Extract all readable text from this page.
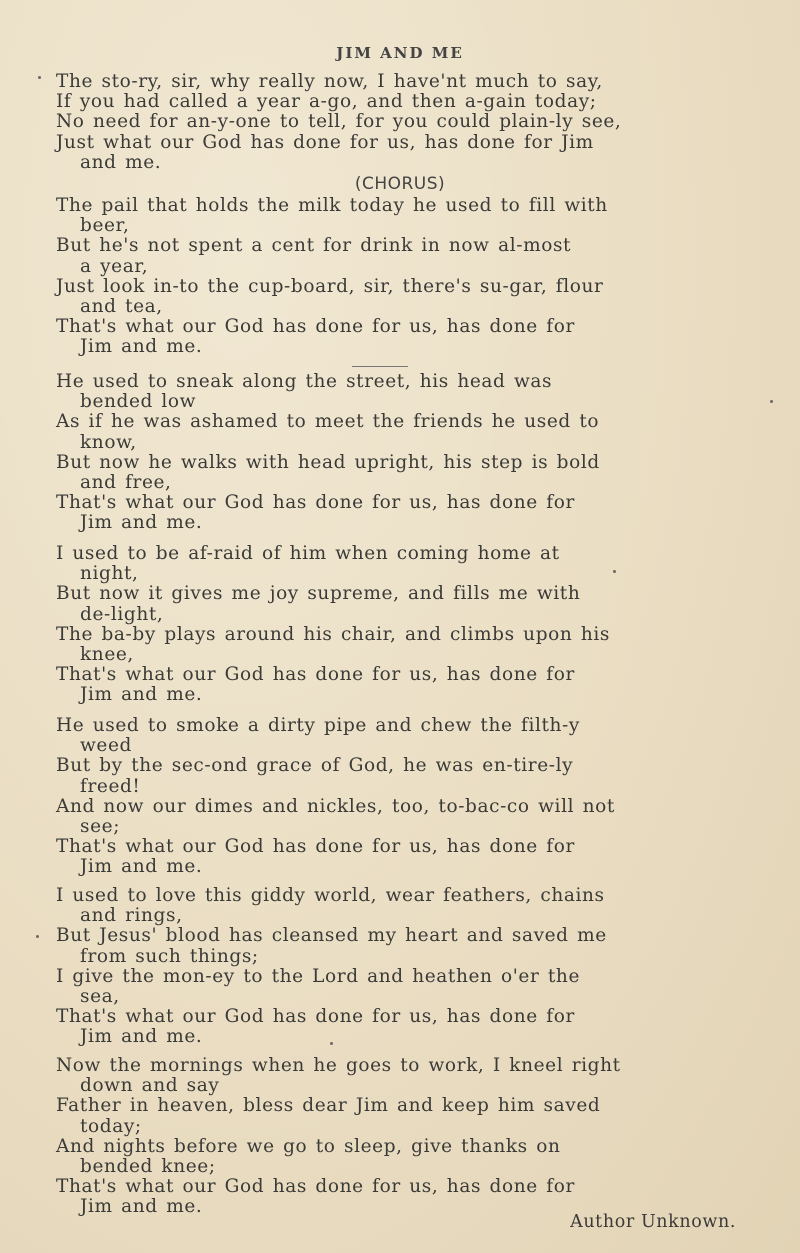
JIM AND ME
The sto-ry, sir, why really now, I have'nt much to say,
If you had called a year a-go, and then a-gain today;
No need for an-y-one to tell, for you could plain-ly see,
Just what our God has done for us, has done for Jim
and me.
(CHORUS)
The pail that holds the milk today he used to fill with
beer,
But he's not spent a cent for drink in now al-most
a year,
Just look in-to the cup-board, sir, there's su-gar, flour
and tea,
That's what our God has done for us, has done for
Jim and me.
He used to sneak along the street, his head was
bended low
As if he was ashamed to meet the friends he used to
know,
But now he walks with head upright, his step is bold
and free,
That's what our God has done for us, has done for
Jim and me.
I used to be af-raid of him when coming home at
night,
But now it gives me joy supreme, and fills me with
de-light,
The ba-by plays around his chair, and climbs upon his
knee,
That's what our God has done for us, has done for
Jim and me.
He used to smoke a dirty pipe and chew the filth-y
weed
But by the sec-ond grace of God, he was en-tire-ly
freed!
And now our dimes and nickles, too, to-bac-co will not
see;
That's what our God has done for us, has done for
Jim and me.
I used to love this giddy world, wear feathers, chains
and rings,
But Jesus' blood has cleansed my heart and saved me
from such things;
I give the mon-ey to the Lord and heathen o'er the
sea,
That's what our God has done for us, has done for
Jim and me.
Now the mornings when he goes to work, I kneel right
down and say
Father in heaven, bless dear Jim and keep him saved
today;
And nights before we go to sleep, give thanks on
bended knee;
That's what our God has done for us, has done for
Jim and me.
Author Unknown.
